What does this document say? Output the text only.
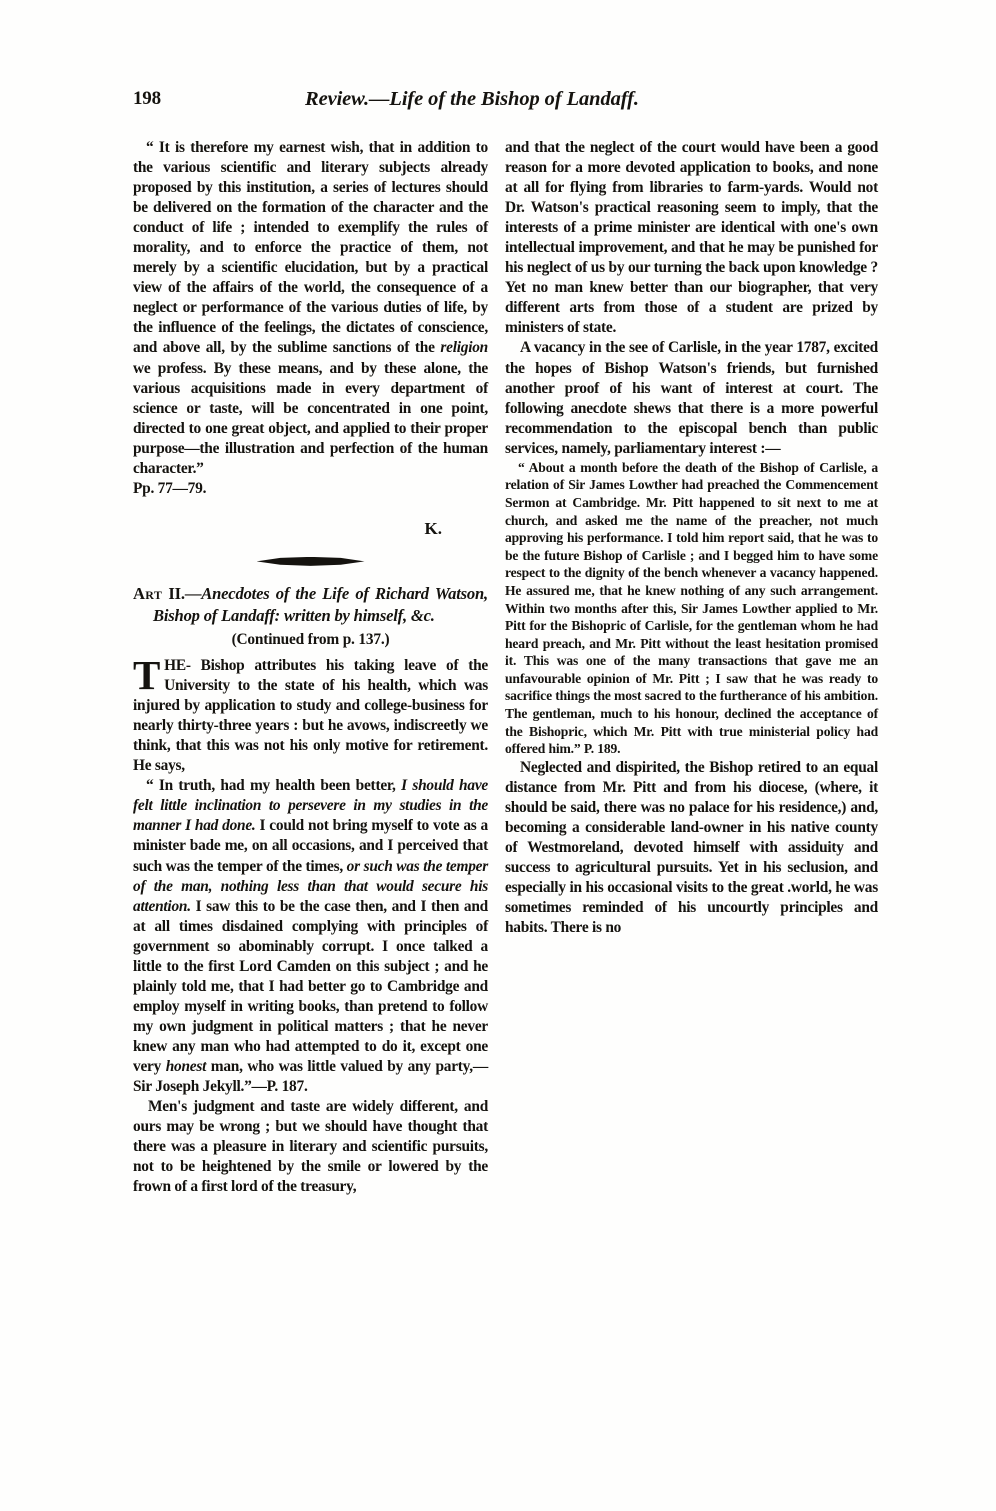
198	Review.—Life of the Bishop of Landaff.

“ It is therefore my earnest wish, that in addition to the various scientific and literary subjects already proposed by this institution, a series of lectures should be delivered on the formation of the character and the conduct of life ; intended to exemplify the rules of morality, and to enforce the practice of them, not merely by a scientific elucidation, but by a practical view of the affairs of the world, the consequence of a neglect or performance of the various duties of life, by the influence of the feelings, the dictates of conscience, and above all, by the sublime sanctions of the religion we profess. By these means, and by these alone, the various acquisitions made in every department of science or taste, will be concentrated in one point, directed to one great object, and applied to their proper purpose—the illustration and perfection of the human character.”

Pp. 77—79.

K.
Art II.—Anecdotes of the Life of Richard Watson, Bishop of Landaff: written by himself, &c.
(Continued from p. 137.)

THE- Bishop attributes his taking leave of the University to the state of his health, which was injured by application to study and college-business for nearly thirty-three years : but he avows, indiscreetly we think, that this was not his only motive for retirement. He says,

“ In truth, had my health been better, I should have felt little inclination to persevere in my studies in the manner I had done. I could not bring myself to vote as a minister bade me, on all occasions, and I perceived that such was the temper of the times, or such was the temper of the man, nothing less than that would secure his attention. I saw this to be the case then, and I then and at all times disdained complying with principles of government so abominably corrupt. I once talked a little to the first Lord Camden on this subject ; and he plainly told me, that I had better go to Cambridge and employ myself in writing books, than pretend to follow my own judgment in political matters ; that he never knew any man who had attempted to do it, except one very honest man, who was little valued by any party,—Sir Joseph Jekyll.”—P. 187.

Men's judgment and taste are widely different, and ours may be wrong ; but we should have thought that there was a pleasure in literary and scientific pursuits, not to be heightened by the smile or lowered by the frown of a first lord of the treasury,

and that the neglect of the court would have been a good reason for a more devoted application to books, and none at all for flying from libraries to farm-yards. Would not Dr. Watson's practical reasoning seem to imply, that the interests of a prime minister are identical with one's own intellectual improvement, and that he may be punished for his neglect of us by our turning the back upon knowledge ? Yet no man knew better than our biographer, that very different arts from those of a student are prized by ministers of state.

A vacancy in the see of Carlisle, in the year 1787, excited the hopes of Bishop Watson's friends, but furnished another proof of his want of interest at court. The following anecdote shews that there is a more powerful recommendation to the episcopal bench than public services, namely, parliamentary interest :—

“ About a month before the death of the Bishop of Carlisle, a relation of Sir James Lowther had preached the Commencement Sermon at Cambridge. Mr. Pitt happened to sit next to me at church, and asked me the name of the preacher, not much approving his performance. I told him report said, that he was to be the future Bishop of Carlisle ; and I begged him to have some respect to the dignity of the bench whenever a vacancy happened. He assured me, that he knew nothing of any such arrangement. Within two months after this, Sir James Lowther applied to Mr. Pitt for the Bishopric of Carlisle, for the gentleman whom he had heard preach, and Mr. Pitt without the least hesitation promised it. This was one of the many transactions that gave me an unfavourable opinion of Mr. Pitt ; I saw that he was ready to sacrifice things the most sacred to the furtherance of his ambition. The gentleman, much to his honour, declined the acceptance of the Bishopric, which Mr. Pitt with true ministerial policy had offered him.” P. 189.

Neglected and dispirited, the Bishop retired to an equal distance from Mr. Pitt and from his diocese, (where, it should be said, there was no palace for his residence,) and, becoming a considerable land-owner in his native county of Westmoreland, devoted himself with assiduity and success to agricultural pursuits. Yet in his seclusion, and especially in his occasional visits to the great .world, he was sometimes reminded of his uncourtly principles and habits. There is no
